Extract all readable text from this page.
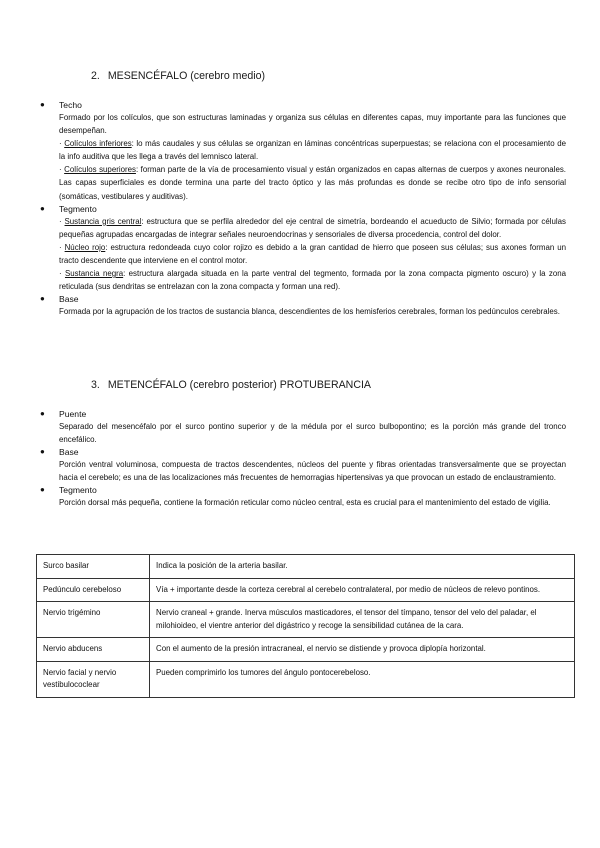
2. MESENCÉFALO (cerebro medio)
● Techo

Formado por los colículos, que son estructuras laminadas y organiza sus células en diferentes capas, muy importante para las funciones que desempeñan.

· Colículos inferiores: lo más caudales y sus células se organizan en láminas concéntricas superpuestas; se relaciona con el procesamiento de la info auditiva que les llega a través del lemnisco lateral.

· Colículos superiores: forman parte de la vía de procesamiento visual y están organizados en capas alternas de cuerpos y axones neuronales. Las capas superficiales es donde termina una parte del tracto óptico y las más profundas es donde se recibe otro tipo de info sensorial (somáticas, vestibulares y auditivas).

● Tegmento

· Sustancia gris central: estructura que se perfila alrededor del eje central de simetría, bordeando el acueducto de Silvio; formada por células pequeñas agrupadas encargadas de integrar señales neuroendocrinas y sensoriales de diversa procedencia, control del dolor.

· Núcleo rojo: estructura redondeada cuyo color rojizo es debido a la gran cantidad de hierro que poseen sus células; sus axones forman un tracto descendente que interviene en el control motor.

· Sustancia negra: estructura alargada situada en la parte ventral del tegmento, formada por la zona compacta pigmento oscuro) y la zona reticulada (sus dendritas se entrelazan con la zona compacta y forman una red).

● Base

Formada por la agrupación de los tractos de sustancia blanca, descendientes de los hemisferios cerebrales, forman los pedúnculos cerebrales.

3. METENCÉFALO (cerebro posterior) PROTUBERANCIA
● Puente

Separado del mesencéfalo por el surco pontino superior y de la médula por el surco bulbopontino; es la porción más grande del tronco encefálico.

● Base

Porción ventral voluminosa, compuesta de tractos descendentes, núcleos del puente y fibras orientadas transversalmente que se proyectan hacia el cerebelo; es una de las localizaciones más frecuentes de hemorragias hipertensivas ya que provocan un estado de enclaustramiento.

● Tegmento

Porción dorsal más pequeña, contiene la formación reticular como núcleo central, esta es crucial para el mantenimiento del estado de vigilia.

Surco basilar	Indica la posición de la arteria basilar.
Pedúnculo cerebeloso	Vía + importante desde la corteza cerebral al cerebelo contralateral, por medio de núcleos de relevo pontinos.
Nervio trigémino	Nervio craneal + grande. Inerva músculos masticadores, el tensor del tímpano, tensor del velo del paladar, el milohioideo, el vientre anterior del digástrico y recoge la sensibilidad cutánea de la cara.
Nervio abducens	Con el aumento de la presión intracraneal, el nervio se distiende y provoca diplopía horizontal.
Nervio facial y nervio vestibulococlear	Pueden comprimirlo los tumores del ángulo pontocerebeloso.
